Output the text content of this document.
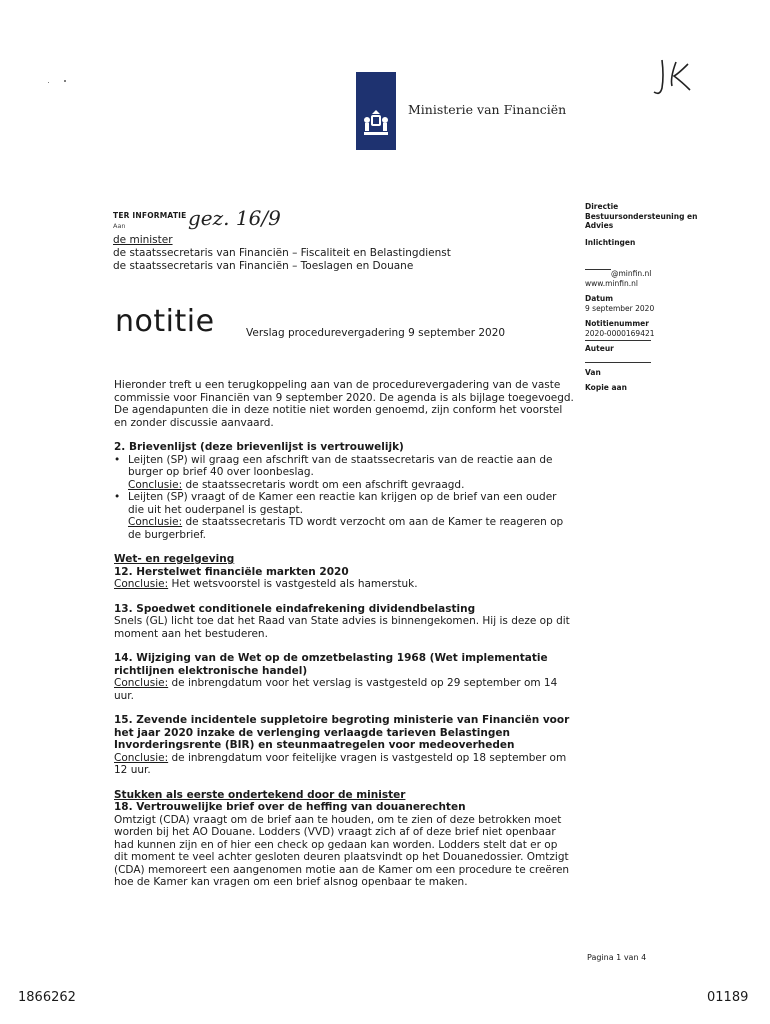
Ministerie van Financiën
TER INFORMATIE
Aan	gez. 16/9
de minister
de staatssecretaris van Financiën – Fiscaliteit en Belastingdienst
de staatssecretaris van Financiën – Toeslagen en Douane
Directie
Bestuursondersteuning en Advies
Inlichtingen
@minfin.nl
www.minfin.nl
Datum
9 september 2020
Notitienummer
2020-0000169421
Auteur
Van
Kopie aan
notitie	Verslag procedurevergadering 9 september 2020
Hieronder treft u een terugkoppeling aan van de procedurevergadering van de vaste commissie voor Financiën van 9 september 2020. De agenda is als bijlage toegevoegd. De agendapunten die in deze notitie niet worden genoemd, zijn conform het voorstel en zonder discussie aanvaard.
2. Brievenlijst (deze brievenlijst is vertrouwelijk)
• Leijten (SP) wil graag een afschrift van de staatssecretaris van de reactie aan de burger op brief 40 over loonbeslag.
Conclusie: de staatssecretaris wordt om een afschrift gevraagd.
• Leijten (SP) vraagt of de Kamer een reactie kan krijgen op de brief van een ouder die uit het ouderpanel is gestapt.
Conclusie: de staatssecretaris TD wordt verzocht om aan de Kamer te reageren op de burgerbrief.
Wet- en regelgeving
12. Herstelwet financiële markten 2020
Conclusie: Het wetsvoorstel is vastgesteld als hamerstuk.
13. Spoedwet conditionele eindafrekening dividendbelasting
Snels (GL) licht toe dat het Raad van State advies is binnengekomen. Hij is deze op dit moment aan het bestuderen.
14. Wijziging van de Wet op de omzetbelasting 1968 (Wet implementatie richtlijnen elektronische handel)
Conclusie: de inbrengdatum voor het verslag is vastgesteld op 29 september om 14 uur.
15. Zevende incidentele suppletoire begroting ministerie van Financiën voor het jaar 2020 inzake de verlenging verlaagde tarieven Belastingen Invorderingsrente (BIR) en steunmaatregelen voor medeoverheden
Conclusie: de inbrengdatum voor feitelijke vragen is vastgesteld op 18 september om 12 uur.
Stukken als eerste ondertekend door de minister
18. Vertrouwelijke brief over de heffing van douanerechten
Omtzigt (CDA) vraagt om de brief aan te houden, om te zien of deze betrokken moet worden bij het AO Douane. Lodders (VVD) vraagt zich af of deze brief niet openbaar had kunnen zijn en of hier een check op gedaan kan worden. Lodders stelt dat er op dit moment te veel achter gesloten deuren plaatsvindt op het Douanedossier. Omtzigt (CDA) memoreert een aangenomen motie aan de Kamer om een procedure te creëren hoe de Kamer kan vragen om een brief alsnog openbaar te maken.
Pagina 1 van 4
1866262	01189
